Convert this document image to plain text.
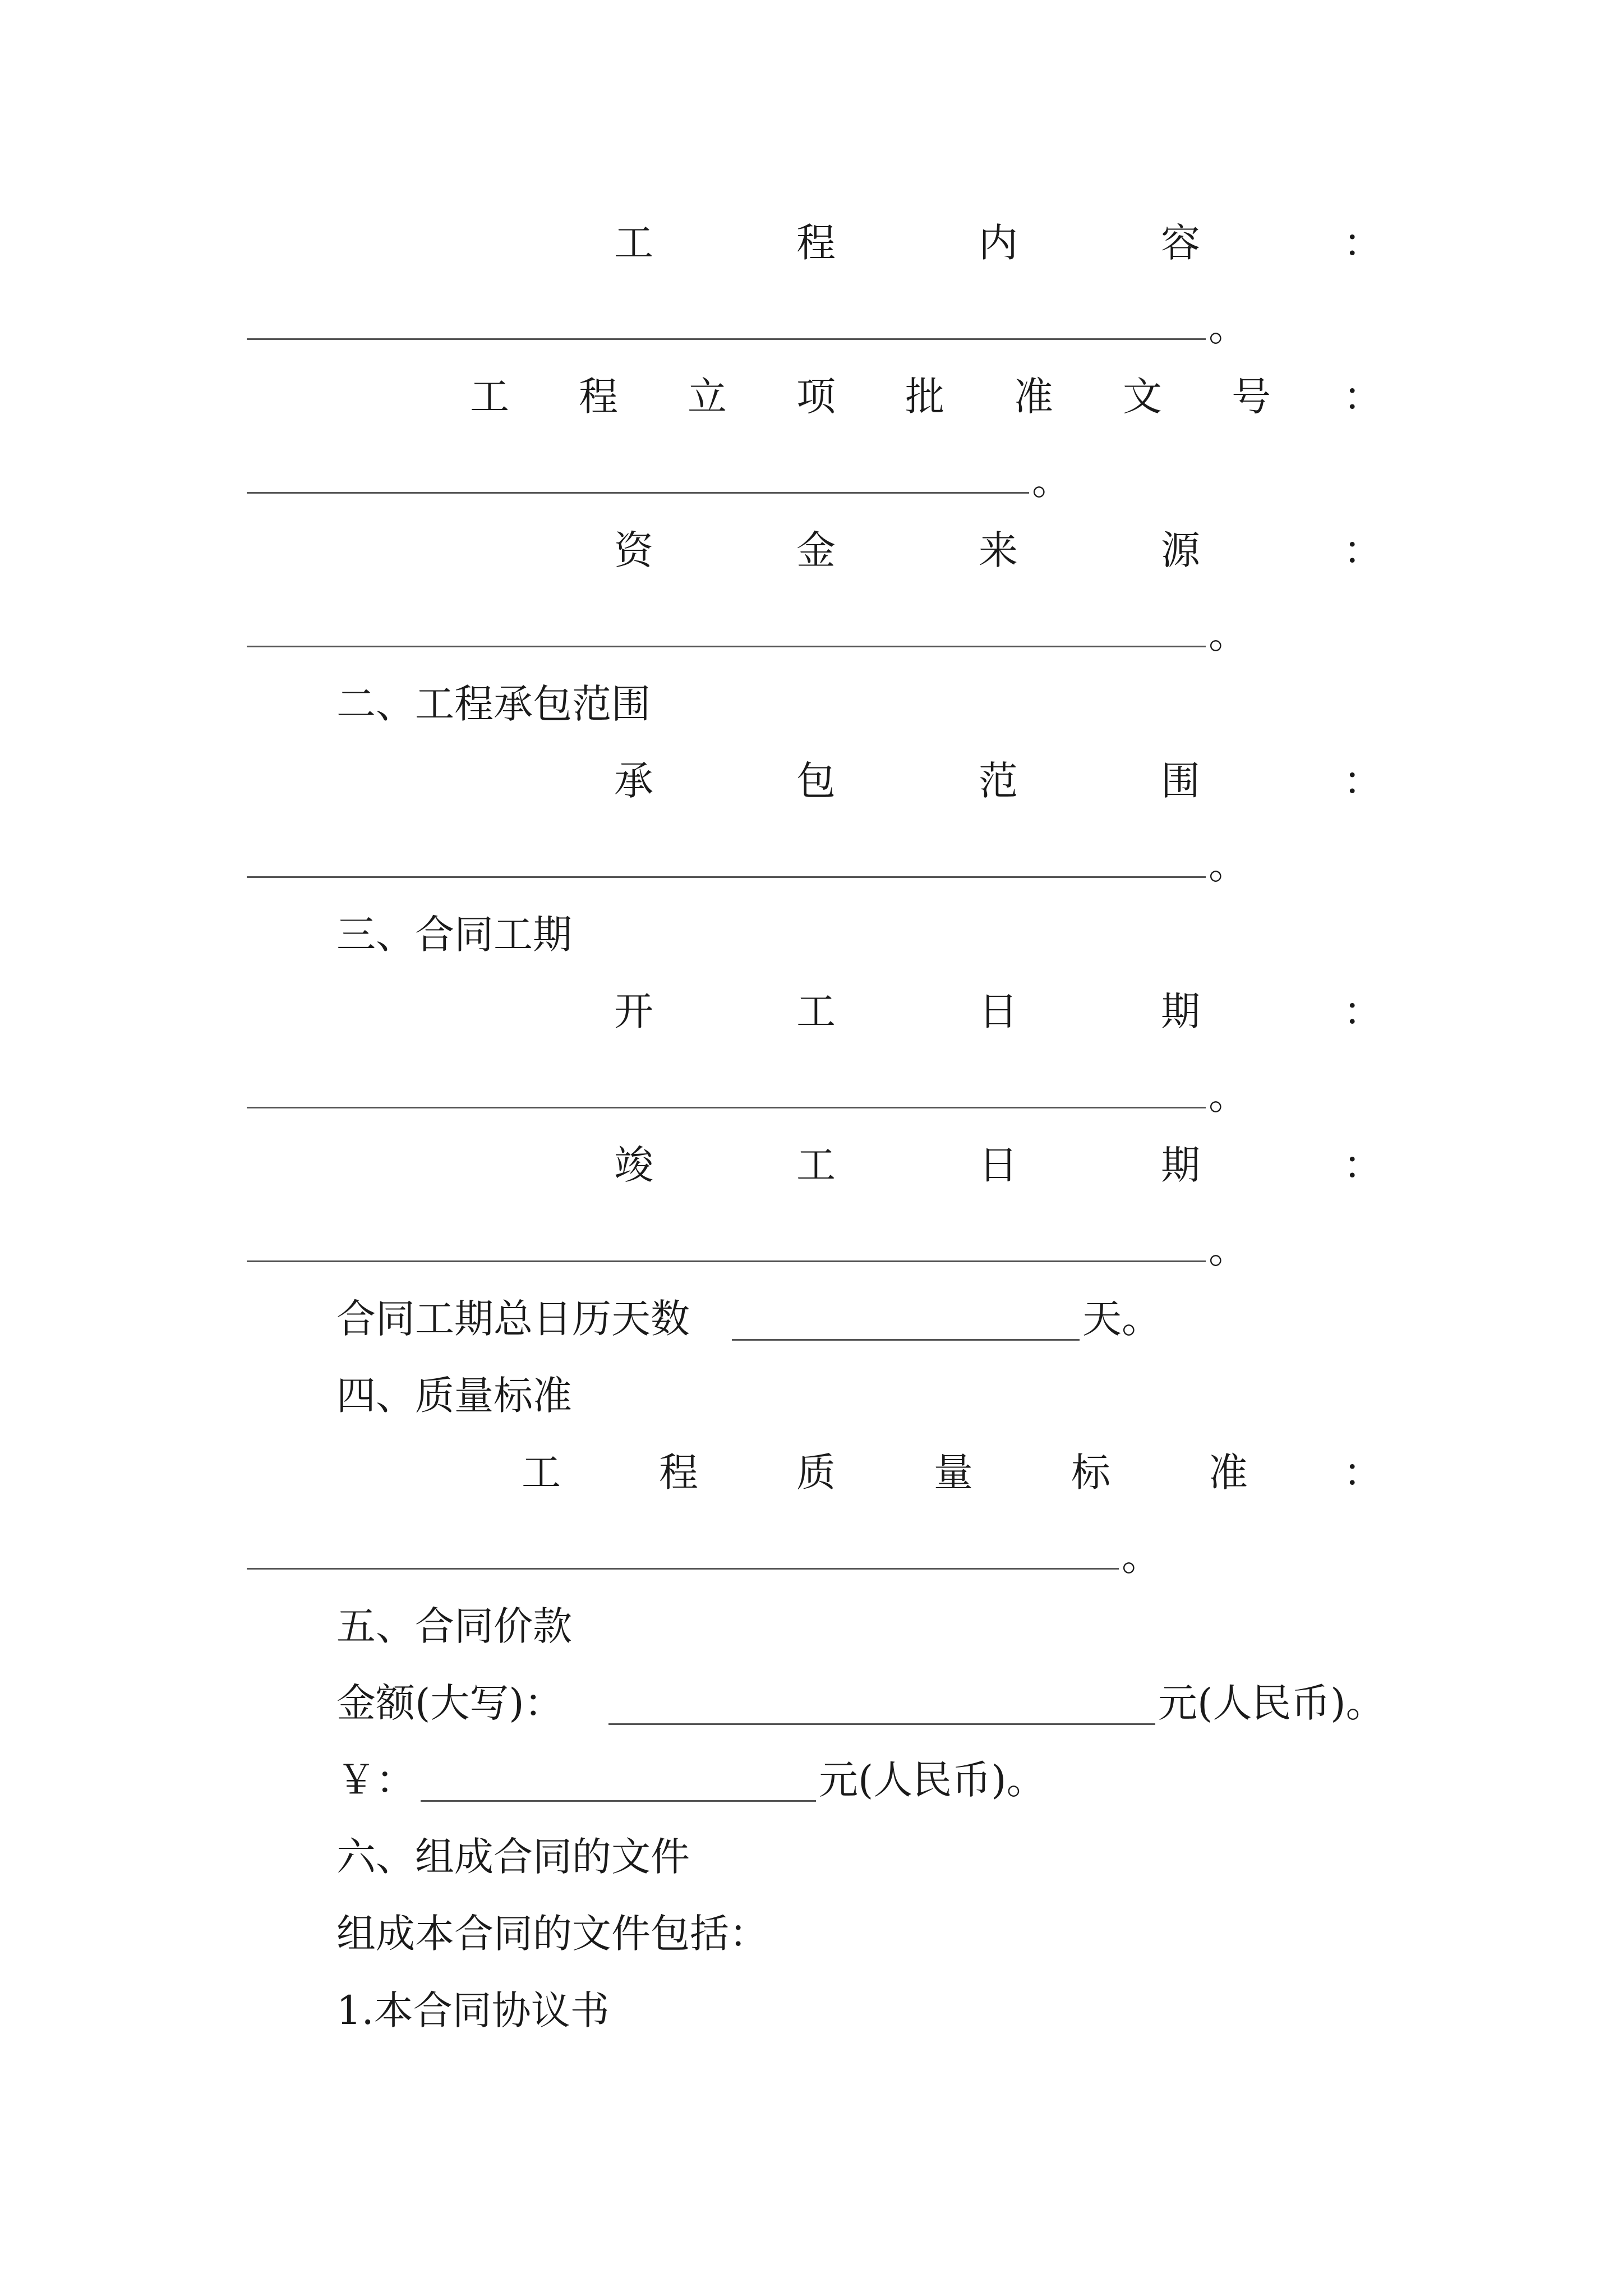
工	程	内	容	：
。
工 程 立 项 批 准 文 号 ：
。
资	金	来	源	：
。
二、工程承包范围
承	包	范	围	：
。
三、合同工期
开	工	日	期	：
。
竣	工	日	期	：
。
合同工期总日历天数	天。
四、质量标准
工	程	质	量	标	准 ：
。
五、合同价款
金额(大写)：	元(人民币)。
￥：	元(人民币)。
六、组成合同的文件
组成本合同的文件包括：
1.本合同协议书
